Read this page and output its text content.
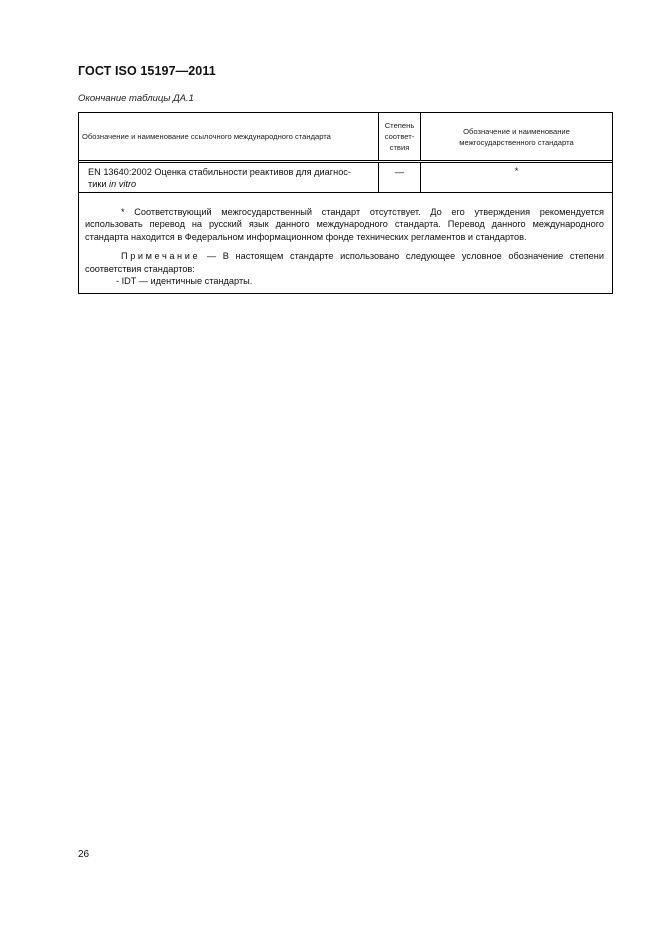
ГОСТ ISO 15197—2011
Окончание таблицы ДА.1
Обозначение и наименование ссылочного международного стандарта
Степень
соответ-
ствия
Обозначение и наименование
межгосударственного стандарта
EN 13640:2002 Оценка стабильности реактивов для диагнос-
тики in vitro
—	*

* Соответствующий межгосударственный стандарт отсутствует. До его утверждения рекомендуется использовать перевод на русский язык данного международного стандарта. Перевод данного международного стандарта находится в Федеральном информационном фонде технических регламентов и стандартов.

Примечание — В настоящем стандарте использовано следующее условное обозначение степени соответствия стандартов:

- IDT — идентичные стандарты.

26
